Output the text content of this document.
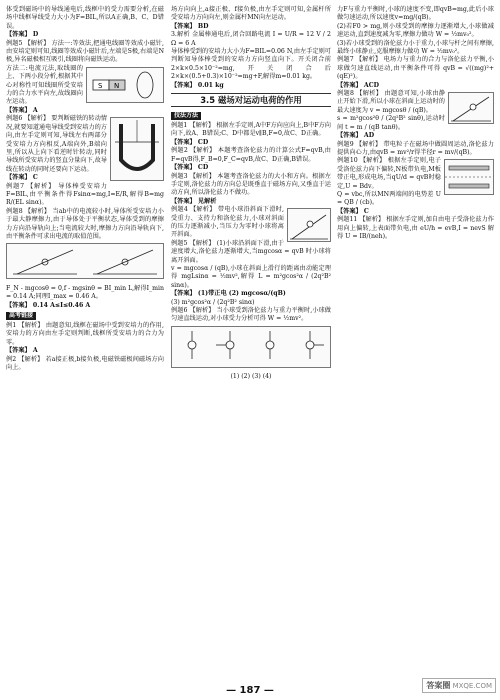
体受到磁场中的导线通电后,线框中的受力需要分析,在磁场中线框导线受力大小为F=BIL,所以A正确,B、C、D错误。

【答案】 D

例题5 【解析】 方法一:等效法,把通电线圈等效成小磁针,由安培定则可知,线圈等效成小磁针后,左端是S极,右端是N极,异名磁极相互吸引,线圈将向磁铁运动。

S N

方法二:电流元法,取线圈的上、下两小段分析,根据其中心对称性可知线圈所受安培力的合力水平向左,故线圈向左运动。

【答案】 A

例题6 【解析】 要判断磁铁的转动情况,就要知道通电导线受到安培力的方向,由左手定则可知,导线左右两部分受安培力方向相反,A端向外,B端向里,所以从上向下看逆时针转动,同时导线所受安培力的竖直分量向下,故导线在转动的同时还要向下运动。

【答案】 C

例题7 【解析】 导体棒受安培力F=BIL,由平衡条件得Fsinα=mg,I=E/R,解得B=mg R/(EL sinα)。

例题8 【解析】 当ab中的电流较小时,导体所受安培力小于最大静摩擦力,由于导体处于平衡状态,导体受到的摩擦力方向沿导轨向上;当电流较大时,摩擦力方向沿导轨向下,由平衡条件可求出电流的取值范围。

F_N - mgcosθ = 0,f - mgsinθ = BI_min L,解得I_min = 0.14 A;同理I_max = 0.46 A。

【答案】 0.14 A≤I≤0.46 A

高考链接

例1 【解析】 由题意知,线框在磁场中受到安培力的作用,安培力的方向由左手定则判断,线框所受安培力的合力为零。

【答案】 A

例2 【解析】 若a接正极,b接负极,电磁铁磁极间磁场方向向上。

场方向向上,a接正极、f接负极,由左手定则可知,金属杆所受安培力方向向左,则金属杆MN向左运动。

【答案】 BD

3.解析 金属棒通电后,闭合回路电流 I = U/R = 12 V / 2 Ω = 6 A

导体棒受到的安培力大小为F=BIL=0.06 N,由左手定则可判断知导体棒受到的安培力方向竖直向下。开关闭合前2×k×0.5×10⁻²=mg,开关闭合后2×k×(0.5+0.3)×10⁻²=mg+F,解得m=0.01 kg。

【答案】 0.01 kg

3.5 磁场对运动电荷的作用
技法方法

例题1 【解析】 根据左手定则,A中F方向应向上,B中F方向向下,故A、B错误;C、D中都是v∥B,F=0,故C、D正确。

【答案】 CD

例题2 【解析】 本题考查洛伦兹力的计算公式F=qvB,由F=qvB得,F_B=0,F_C=qvB,故C、D正确,B错误。

【答案】 CD

例题3 【解析】 本题考查洛伦兹力的大小和方向。根据左手定则,洛伦兹力的方向总是既垂直于磁场方向,又垂直于运动方向,所以洛伦兹力不做功。

【答案】 见解析

例题4 【解析】 带电小球沿斜面下滑时,受重力、支持力和洛伦兹力,小球对斜面的压力逐渐减小,当压力为零时小球将离开斜面。

例题5 【解析】 (1)小球沿斜面下滑,由于速度增大,洛伦兹力逐渐增大,当mgcosα = qvB 时小球将离开斜面。

v = mgcosα / (qB),小球在斜面上滑行的距离由动能定理得 mgLsinα = ½mv²,解得 L = m²gcos²α / (2q²B² sinα)。

【答案】 (1)带正电 (2) mgcosα/(qB)

(3) m²gcos²α / (2q²B² sinα)

例题6 【解析】 当小球受到洛伦兹力与重力平衡时,小球做匀速直线运动,对小球受力分析可得 W = ½mv²。

(1) (2) (3) (4)

力F与重力平衡时,小球的速度不变,即qvB=mg,此后小球做匀速运动,所以速度v=mg/(qB)。

(2)若F0 > mg,则小球受到的摩擦力逐渐增大,小球做减速运动,直到速度减为零,摩擦力做功 W = ½mv₀²。

(3)若小球受到的洛伦兹力小于重力,小球与杆之间有摩擦,最终小球静止,克服摩擦力做功 W = ½mv₀²。

例题7 【解析】 电场力与重力的合力与洛伦兹力平衡,小球做匀速直线运动,由平衡条件可得 qvB = √((mg)²+(qE)²)。

【答案】 ACD

例题8 【解析】 由题意可知,小球由静止开始下滑,所以小球在斜面上运动时的最大速度为 v = mgcosθ / (qB)。

s = m²gcos²θ / (2q²B² sinθ),运动时间 t = m / (qB tanθ)。

【答案】 AD

例题9 【解析】 带电粒子在磁场中做圆周运动,洛伦兹力提供向心力,由qvB = mv²/r得半径r = mv/(qB)。

例题10 【解析】 根据左手定则,电子受洛伦兹力向下偏转,N板带负电,M板带正电,形成电场,当qU/d = qvB时稳定,U = Bdv。

Q = vbc,所以MN两端间的电势差 U = QB / (cb)。

【答案】 C

例题11 【解析】 根据左手定则,加自由电子受洛伦兹力作用向上偏转,上表面带负电,由 eU/h = evB,I = nevS 解得 U = IB/(neh)。

— 187 —	答案圈 MXQE.COM
